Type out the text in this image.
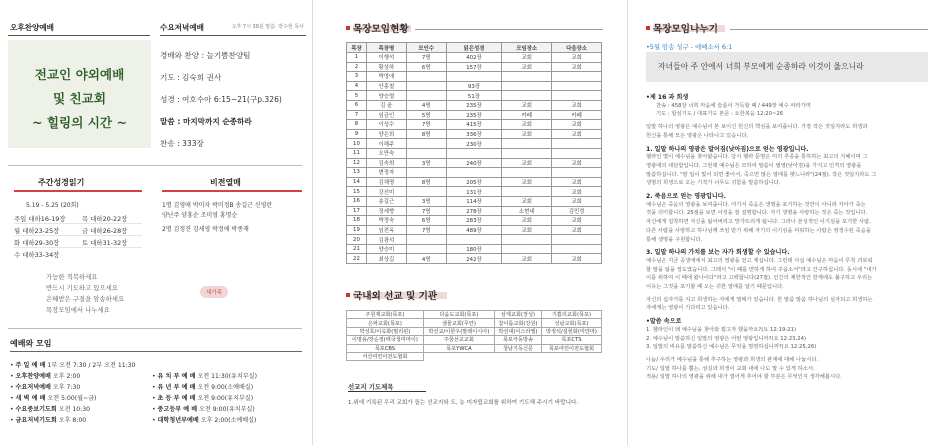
오후찬양예배	수요저녁예배	오후 7시 38분 말씀: 박수현 목사
전교인 야외예배
및 친교회
~ 힐링의 시간 ~
경배와 찬양 : 늘기쁨찬양팀
기도 : 김숙희 권사
성경 : 여호수아 6:15~21(구p.326)
말씀 : 마지막까지 순종하라
찬송 : 333장
주간성경읽기
5.19 - 5.25 (20회)
주일 대하16-19장	목 대하20-22장
월 대하23-25장	금 대하26-28장
화 대하29-30장	토 대하31-32장
수 대하33-34장
비전열매
1명 김영애 박미자 박미정B 송길근 신영란
양난주 양홍순 조미영 홍명순
2명 김정진 김세영 박정애 박종재
새가족
가능한 적복하세요
반드시 기도하고 있으세요
은혜받은 구절을 암송하세요
목장모임에서 나누세요
예배와 모임
• 주 일 예 배 1부 오전 7:30 / 2부 오전 11:30
• 오후찬양예배 오후 2:00
• 수요저녁예배 오후 7:30
• 새 벽 예 배 오전 5:00(월~금)
• 수요중보기도회 오전 10:30
• 금요저녁기도회 오후 8:00
• 유 치 부 예 배 오전 11:30(유치부실)
• 유 년 부 예 배 오전 9:00(소예배실)
• 초 등 부 예 배 오전 9:00(유치부실)
• 중고등부 예 배 오전 9:00(유치부실)
• 대학청년부예배 오후 2:00(소예배실)
목장모임현황
목장	목장명	모인수	읽은성경	모임장소	다음장소
1	이행석	7명	402장	교회	교회
2	황상하	6명	157장	교회	교회
3	박영애				
4	안홍철		93장		
5	양승렬		51장		
6	김 윤	4명	235장	교회	교회
7	임금인	5명	235장	카페	카페
8	이성수	7명	415장	교회	교회
9	양은희	8명	336장	교회	교회
10	이해주		230장		
11	오만숙				
12	김숙희	3명	240장	교회	교회
13	변정자				
14	김채명	8명	205장	교회	교회
15	강선미		131장		교회
16	송길근	3명	114장	교회	교회
17	정세향	7명	278장	소현네	김민정
18	박정숙	6명	283장	교회	교회
19	임전옥	7명	489장	교회	교회
20	김광석				
21	양승미		180장		
22	최상길	4명	242장	교회	교회
국내외 선교 및 기관
주원재교회(목포)	다움도교회(목포)	삼계교회(장성)	기쁨의교회(목포)
은파교회(목포)	샘물교회(무안)	참이룸교회(강원)	성남교회(목포)
박성호/이옥화(필리핀)	박선교/이한우(말레이시아)	박선대(이스라엘)	박정석/설현화(미얀마)
이명용/장순정(태국청미마이)	주꿈선교교회	목포극동방송	목포CTS
목포CBS	목포YWCA	청남기독신문	목포여린이전도협회
서산여린이전도협회			
선교지 기도제목
1.위에 기록된 우리 교회가 돕는 선교지와 도, 농 미자립교회를 위하여 기도해 주시기 바랍니다.
목장모임나누기
•5월 암송 성구 - 에베소서 6:1
자녀들아 주 안에서 너희 부모에게 순종하라 이것이 옳으니라
•제 16 과 희생
찬송 : 458장 너희 마음에 슬픔이 가득할 때 / 449장 예수 따라가며
기도 : 합심기도 / 대표기도 본문 : 요한복음 12:20~26
일말 하나의 영광은 예수님이 본 보이신 헌신의 핵심을 보여줍니다. 가장 작은 것일지라도 희생과
헌신을 통해 모든 영광은 나타나고 있습니다.
1. 일말 하나의 영광은 말어짐(낮아짐)으로 얻는 영광입니다.
헬라인 몇이 예수님을 찾아왔습니다. 당시 헬라 문명은 미의 추종을 통하하는 최고의 지혜이며 그
영광에의 대단함입니다. 그런데 예수님은 모하여 말씀이 필영(낮아짐)을 가지고 인격의 영광을
말씀하십니다. "땅 일이 빛이 되면 좋아서, 죽으면 많은 열매를 맺느니라"(24절). 작은 것일지라도 그
생명의 희생으로 오는 기적가 너무도 귀함을 말씀하십니다.
2. 죽음으로 얻는 영광입니다.
예수님은 죽음의 영광을 보여줍니다. 여기서 죽음은 생명을 포기하는 것만이 아니라 자아가 죽는
것을 의미합니다. 25절을 보면 이것을 잘 설명합니다. 자기 생명을 사랑하는 것은 죽는 것입니다.
자신에게 집착하면 자신을 잃어버리고 망가뜨리게 됩니다. 그러나 본성적인 이기심을 포기한 사람,
다른 사람을 사랑하고 하나님께 쓰임 받기 위해 자기의 이기심을 미워하는 사람은 영생수된 죽음을
통해 생명을 구원합니다.
3. 일말 하나의 가치를 보는 자가 희생할 수 있습니다.
예수님은 지금 공생애에서 최고의 영광을 얻고 계십니다. 그런데 사실 예수님은 마음이 무척 괴로워
할 말을 잃을 정도였습니다. 그래서 "이 때를 면하게 하여 주옵소서"라고 간구하십니다. 동시에 "내가
이를 위하여 이 때에 왔나이다"라고 고백합니다(27절). 인간의 제한적인 한계에도 불구하고 우리는
이유는 그것을 포기할 때 오는 귀한 열매를 알기 때문입니다.
자신의 십자가를 지고 희생하는 자에게 열매가 있습니다. 한 말씀 말씀 하나님의 심자되고 희생하는
자에게는 영광이 기다리고 있습니다.
•말씀 속으로
1. 헬라인이 왜 예수님을 찾아와 뵙고자 했을까요?(요 12:19-21)
2. 예수님이 말씀하신 일말의 영광은 어떤 영광입니까?(요 12:23,24)
3. 일말의 비유를 말씀하신 예수님은 무엇을 명령하십니까?(요 12:25,26)
나눔/ 우리가 예수님을 통해 추구하는 영광과 희생의 관계에 대해 나눕시다.
기도/ 일말 하나를 뽑는, 섬김과 희생이 교회 내에 나도 말 수 있게 하소서.
적용/ 일말 하나의 영광을 위해 내가 열어게 추어야 할 부분은 무엇인지 생각해봅시다.
